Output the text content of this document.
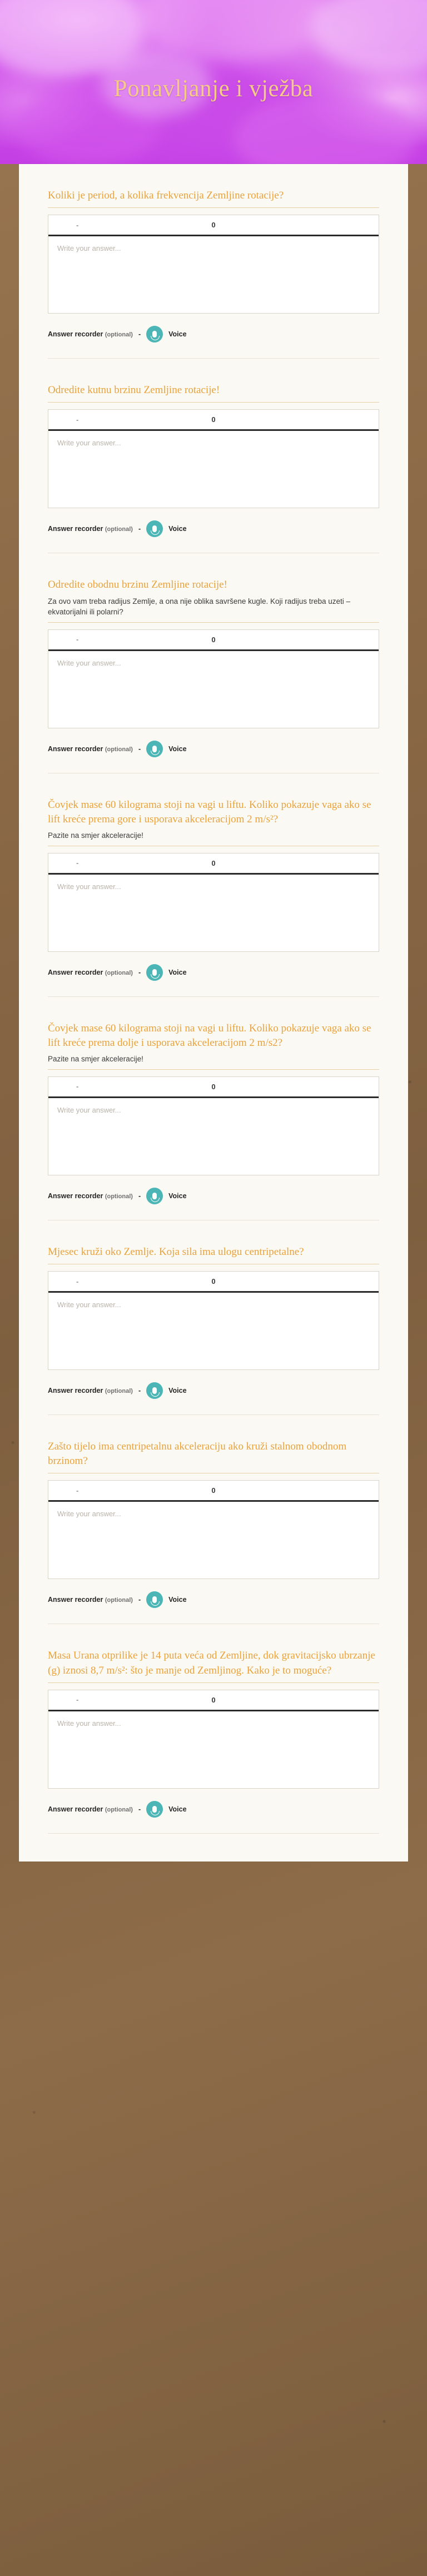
Ponavljanje i vježba

Koliki je period, a kolika frekvencija Zemljine rotacije?

-	0
Write your answer...
Answer recorder (optional) -	Voice

Odredite kutnu brzinu Zemljine rotacije!

-	0
Write your answer...
Answer recorder (optional) -	Voice

Odredite obodnu brzinu Zemljine rotacije!

Za ovo vam treba radijus Zemlje, a ona nije oblika savršene kugle. Koji radijus treba uzeti – ekvatorijalni ili polarni?

-	0
Write your answer...
Answer recorder (optional) -	Voice

Čovjek mase 60 kilograma stoji na vagi u liftu. Koliko pokazuje vaga ako se lift kreće prema gore i usporava akceleracijom 2 m/s²?

Pazite na smjer akceleracije!

-	0
Write your answer...
Answer recorder (optional) -	Voice

Čovjek mase 60 kilograma stoji na vagi u liftu. Koliko pokazuje vaga ako se lift kreće prema dolje i usporava akceleracijom 2 m/s2?

Pazite na smjer akceleracije!

-	0
Write your answer...
Answer recorder (optional) -	Voice

Mjesec kruži oko Zemlje. Koja sila ima ulogu centripetalne?

-	0
Write your answer...
Answer recorder (optional) -	Voice

Zašto tijelo ima centripetalnu akceleraciju ako kruži stalnom obodnom brzinom?

-	0
Write your answer...
Answer recorder (optional) -	Voice

Masa Urana otprilike je 14 puta veća od Zemljine, dok gravitacijsko ubrzanje (g) iznosi 8,7 m/s²: što je manje od Zemljinog. Kako je to moguće?

-	0
Write your answer...
Answer recorder (optional) -	Voice
